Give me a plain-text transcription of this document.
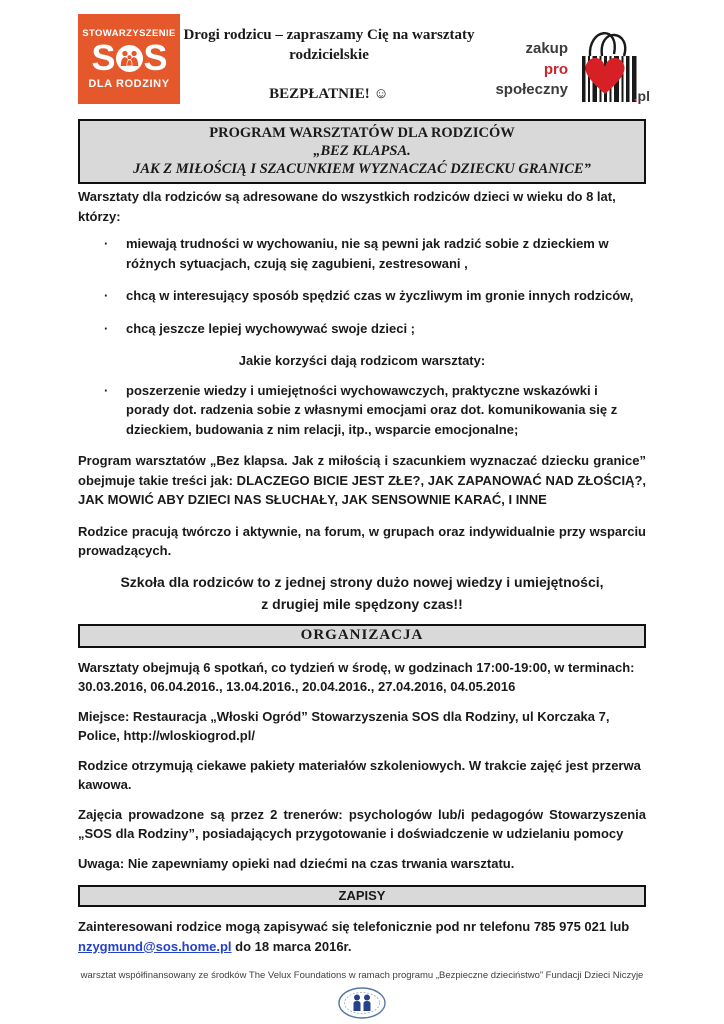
STOWARZYSZENIE
S S
DLA RODZINY
Drogi rodzicu – zapraszamy Cię na warsztaty
rodzicielskie
BEZPŁATNIE! ☺
zakup
pro
społeczny	.pl
PROGRAM WARSZTATÓW DLA RODZICÓW
„BEZ KLAPSA.
JAK Z MIŁOŚCIĄ I SZACUNKIEM WYZNACZAĆ DZIECKU GRANICE”
Warsztaty dla rodziców są adresowane do wszystkich rodziców dzieci w wieku do 8 lat, którzy:
·	miewają trudności w wychowaniu, nie są pewni jak radzić sobie z dzieckiem w różnych sytuacjach, czują się zagubieni, zestresowani ,
·	chcą w interesujący sposób spędzić czas w życzliwym im gronie innych rodziców,
·	chcą jeszcze lepiej wychowywać swoje dzieci ;
Jakie korzyści dają rodzicom warsztaty:
·	poszerzenie wiedzy i umiejętności wychowawczych, praktyczne wskazówki i porady dot. radzenia sobie z własnymi emocjami oraz dot. komunikowania się z dzieckiem, budowania z nim relacji, itp., wsparcie emocjonalne;
Program warsztatów „Bez klapsa. Jak z miłością i szacunkiem wyznaczać dziecku granice” obejmuje takie treści jak: DLACZEGO BICIE JEST ZŁE?, JAK ZAPANOWAĆ NAD ZŁOŚCIĄ?, JAK MOWIĆ ABY DZIECI NAS SŁUCHAŁY, JAK SENSOWNIE KARAĆ, I INNE
Rodzice pracują twórczo i aktywnie, na forum, w grupach oraz indywidualnie przy wsparciu prowadzących.
Szkoła dla rodziców to z jednej strony dużo nowej wiedzy i umiejętności,
z drugiej mile spędzony czas!!
ORGANIZACJA
Warsztaty obejmują 6 spotkań, co tydzień w środę, w godzinach 17:00-19:00, w terminach: 30.03.2016, 06.04.2016., 13.04.2016., 20.04.2016., 27.04.2016, 04.05.2016
Miejsce: Restauracja „Włoski Ogród” Stowarzyszenia SOS dla Rodziny, ul Korczaka 7, Police, http://wloskiogrod.pl/
Rodzice otrzymują ciekawe pakiety materiałów szkoleniowych. W trakcie zajęć jest przerwa kawowa.
Zajęcia prowadzone są przez 2 trenerów: psychologów lub/i pedagogów Stowarzyszenia „SOS dla Rodziny”, posiadających przygotowanie i doświadczenie w udzielaniu pomocy
Uwaga: Nie zapewniamy opieki nad dziećmi na czas trwania warsztatu.
ZAPISY
Zainteresowani rodzice mogą zapisywać się telefonicznie pod nr telefonu 785 975 021 lub
nzygmund@sos.home.pl do 18 marca 2016r.
warsztat współfinansowany ze środków The Velux Foundations w ramach programu „Bezpieczne dzieciństwo” Fundacji Dzieci Niczyje
